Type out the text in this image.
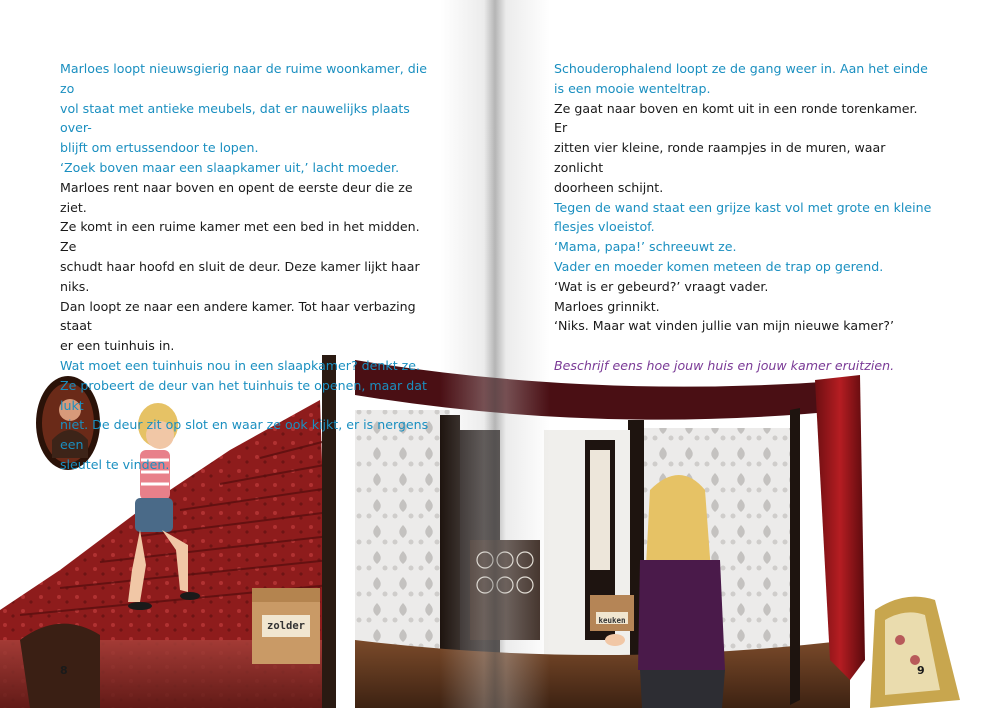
Marloes loopt nieuwsgierig naar de ruime woonkamer, die zo

vol staat met antieke meubels, dat er nauwelijks plaats over-

blijft om ertussendoor te lopen.

‘Zoek boven maar een slaapkamer uit,’ lacht moeder.

Marloes rent naar boven en opent de eerste deur die ze ziet.

Ze komt in een ruime kamer met een bed in het midden. Ze

schudt haar hoofd en sluit de deur. Deze kamer lijkt haar niks.

Dan loopt ze naar een andere kamer. Tot haar verbazing staat

er een tuinhuis in.

Wat moet een tuinhuis nou in een slaapkamer? denkt ze.

Ze probeert de deur van het tuinhuis te openen, maar dat lukt

niet. De deur zit op slot en waar ze ook kijkt, er is nergens een

sleutel te vinden.

Schouderophalend loopt ze de gang weer in. Aan het einde

is een mooie wenteltrap.

Ze gaat naar boven en komt uit in een ronde torenkamer. Er

zitten vier kleine, ronde raampjes in de muren, waar zonlicht

doorheen schijnt.

Tegen de wand staat een grijze kast vol met grote en kleine

flesjes vloeistof.

‘Mama, papa!’ schreeuwt ze.

Vader en moeder komen meteen de trap op gerend.

‘Wat is er gebeurd?’ vraagt vader.

Marloes grinnikt.

‘Niks. Maar wat vinden jullie van mijn nieuwe kamer?’

Beschrijf eens hoe jouw huis en jouw kamer eruitzien.

zolder	keuken
8	9
